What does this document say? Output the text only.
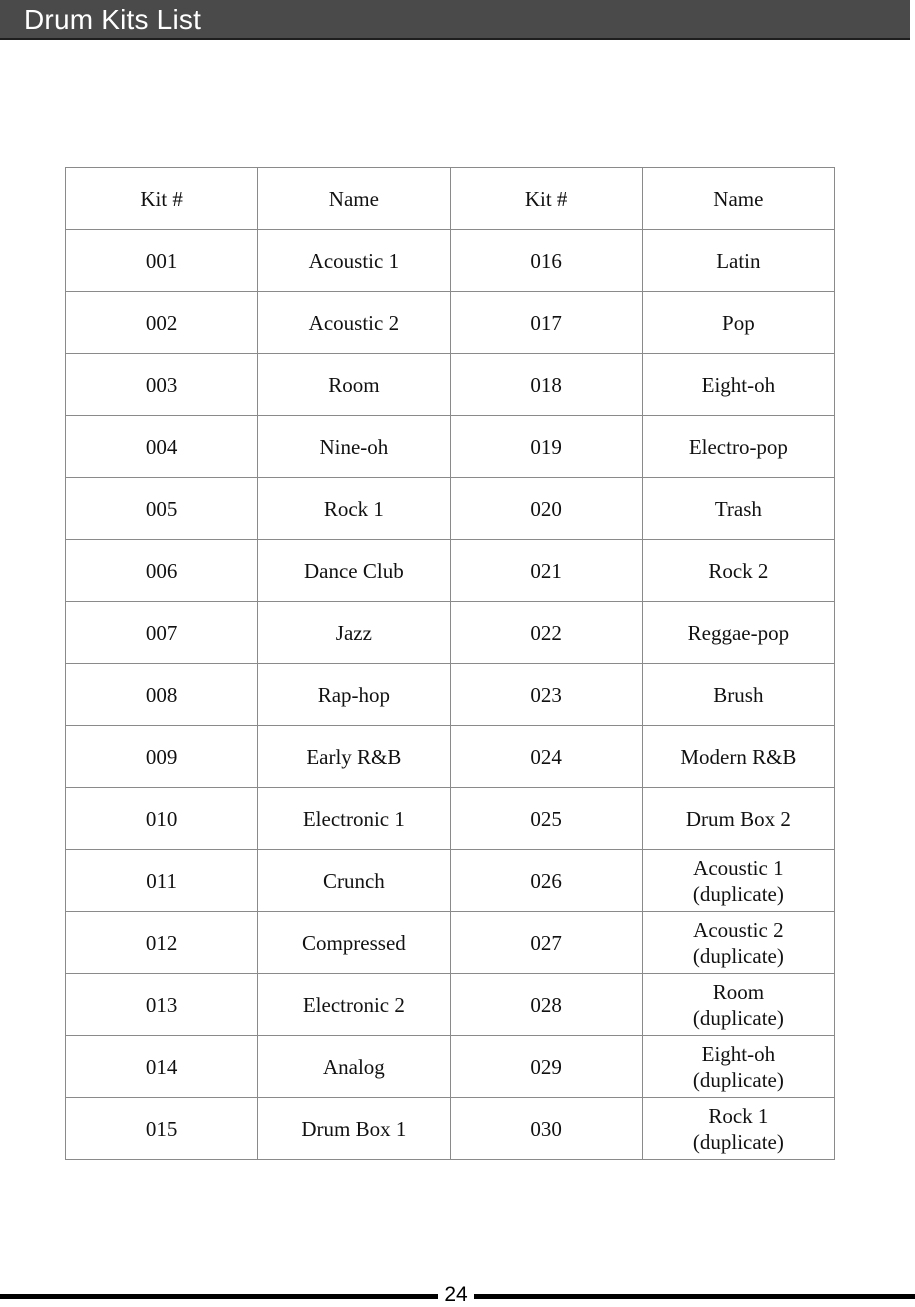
Drum Kits List
Kit #	Name	Kit #	Name
001	Acoustic 1	016	Latin
002	Acoustic 2	017	Pop
003	Room	018	Eight-oh
004	Nine-oh	019	Electro-pop
005	Rock 1	020	Trash
006	Dance Club	021	Rock 2
007	Jazz	022	Reggae-pop
008	Rap-hop	023	Brush
009	Early R&B	024	Modern R&B
010	Electronic 1	025	Drum Box 2
011	Crunch	026	Acoustic 1
(duplicate)

012	Compressed	027	Acoustic 2
(duplicate)

013	Electronic 2	028	Room
(duplicate)

014	Analog	029	Eight-oh
(duplicate)

015	Drum Box 1	030	Rock 1
(duplicate)
24
